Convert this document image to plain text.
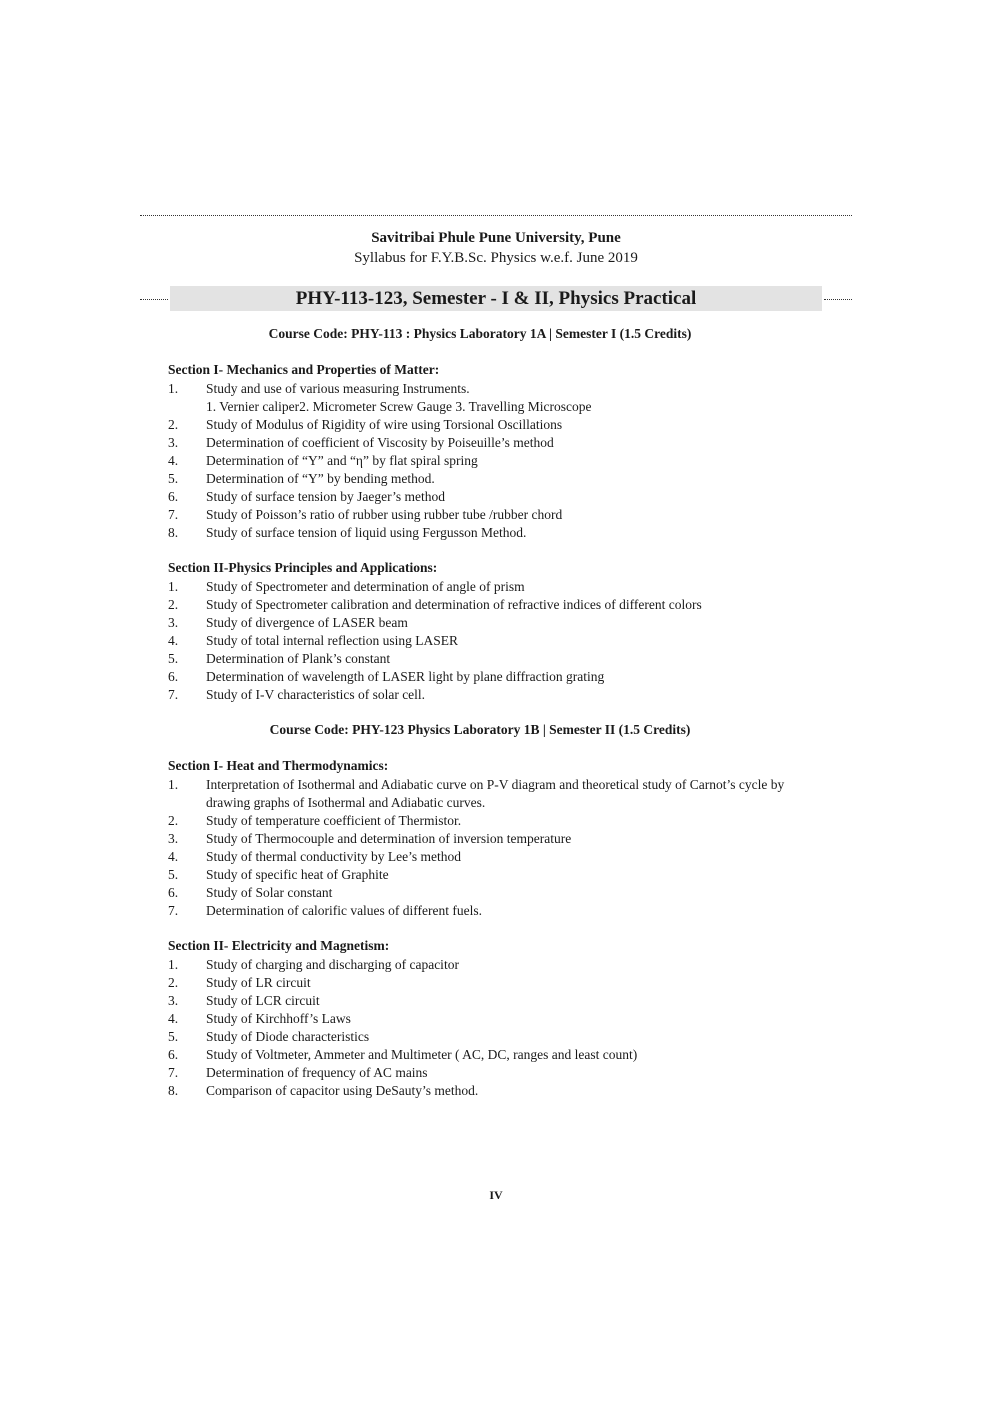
Savitribai Phule Pune University, Pune
Syllabus for F.Y.B.Sc. Physics w.e.f. June 2019
PHY-113-123, Semester - I & II, Physics Practical
Course Code: PHY-113 : Physics Laboratory 1A | Semester I (1.5 Credits)
Section I- Mechanics and Properties of Matter:
1.	Study and use of various measuring Instruments.
1. Vernier caliper2. Micrometer Screw Gauge 3. Travelling Microscope
2.	Study of Modulus of Rigidity of wire using Torsional Oscillations
3.	Determination of coefficient of Viscosity by Poiseuille’s method
4.	Determination of “Y” and “η” by flat spiral spring
5.	Determination of “Y” by bending method.
6.	Study of surface tension by Jaeger’s method
7.	Study of Poisson’s ratio of rubber using rubber tube /rubber chord
8.	Study of surface tension of liquid using Fergusson Method.
Section II-Physics Principles and Applications:
1.	Study of Spectrometer and determination of angle of prism
2.	Study of Spectrometer calibration and determination of refractive indices of different colors
3.	Study of divergence of LASER beam
4.	Study of total internal reflection using LASER
5.	Determination of Plank’s constant
6.	Determination of wavelength of LASER light by plane diffraction grating
7.	Study of I-V characteristics of solar cell.
Course Code: PHY-123 Physics Laboratory 1B | Semester II (1.5 Credits)
Section I- Heat and Thermodynamics:
1.	Interpretation of Isothermal and Adiabatic curve on P-V diagram and theoretical study of Carnot’s cycle by drawing graphs of Isothermal and Adiabatic curves.
2.	Study of temperature coefficient of Thermistor.
3.	Study of Thermocouple and determination of inversion temperature
4.	Study of thermal conductivity by Lee’s method
5.	Study of specific heat of Graphite
6.	Study of Solar constant
7.	Determination of calorific values of different fuels.
Section II- Electricity and Magnetism:
1.	Study of charging and discharging of capacitor
2.	Study of LR circuit
3.	Study of LCR circuit
4.	Study of Kirchhoff’s Laws
5.	Study of Diode characteristics
6.	Study of Voltmeter, Ammeter and Multimeter ( AC, DC, ranges and least count)
7.	Determination of frequency of AC mains
8.	Comparison of capacitor using DeSauty’s method.
IV
